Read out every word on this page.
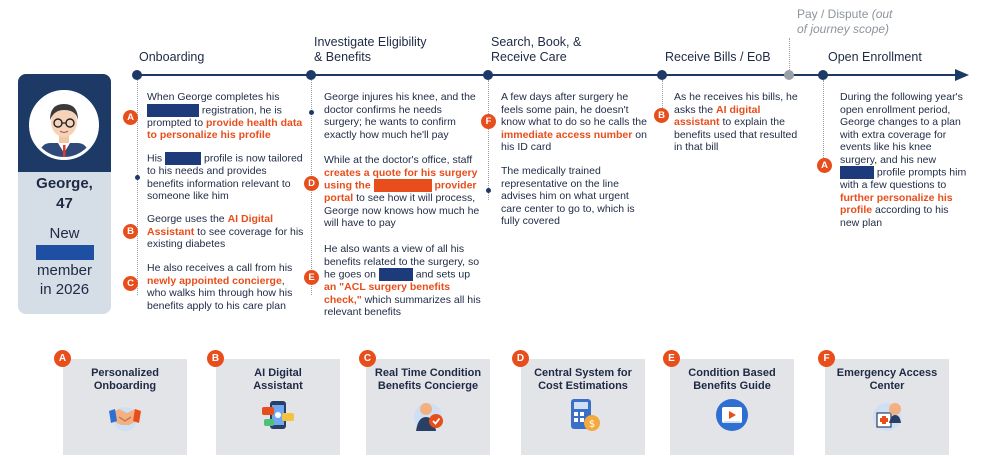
George,
47
New
member
in 2026
Onboarding
Investigate Eligibility
& Benefits
Search, Book, &
Receive Care	Receive Bills / EoB	Open Enrollment
Pay / Dispute (out
of journey scope)
A
When George completes his  registration, he is prompted to provide health data to personalize his profile
His	profile is now tailored to his needs and provides benefits information relevant to someone like him
B
George uses the AI Digital Assistant to see coverage for his existing diabetes
C
He also receives a call from his newly appointed concierge, who walks him through how his benefits apply to his care plan
George injures his knee, and the doctor confirms he needs surgery; he wants to confirm exactly how much he'll pay
D
While at the doctor's office, staff creates a quote for his surgery using the	provider portal to see how it will process, George now knows how much he will have to pay
E
He also wants a view of all his benefits related to the surgery, so he goes on	and sets up an "ACL surgery benefits check," which summarizes all his relevant benefits
F
A few days after surgery he feels some pain, he doesn't know what to do so he calls the immediate access number on his ID card
The medically trained representative on the line advises him on what urgent care center to go to, which is fully covered
B
As he receives his bills, he asks the AI digital assistant to explain the benefits used that resulted in that bill
A
During the following year's open enrollment period, George changes to a plan with extra coverage for events like his knee surgery, and his new  profile prompts him with a few questions to further personalize his profile according to his new plan
Personalized
Onboarding
A
AI Digital
Assistant
B
Real Time Condition
Benefits Concierge
C
Central System for
Cost Estimations
$
D
Condition Based
Benefits Guide
E
Emergency Access
Center
F
